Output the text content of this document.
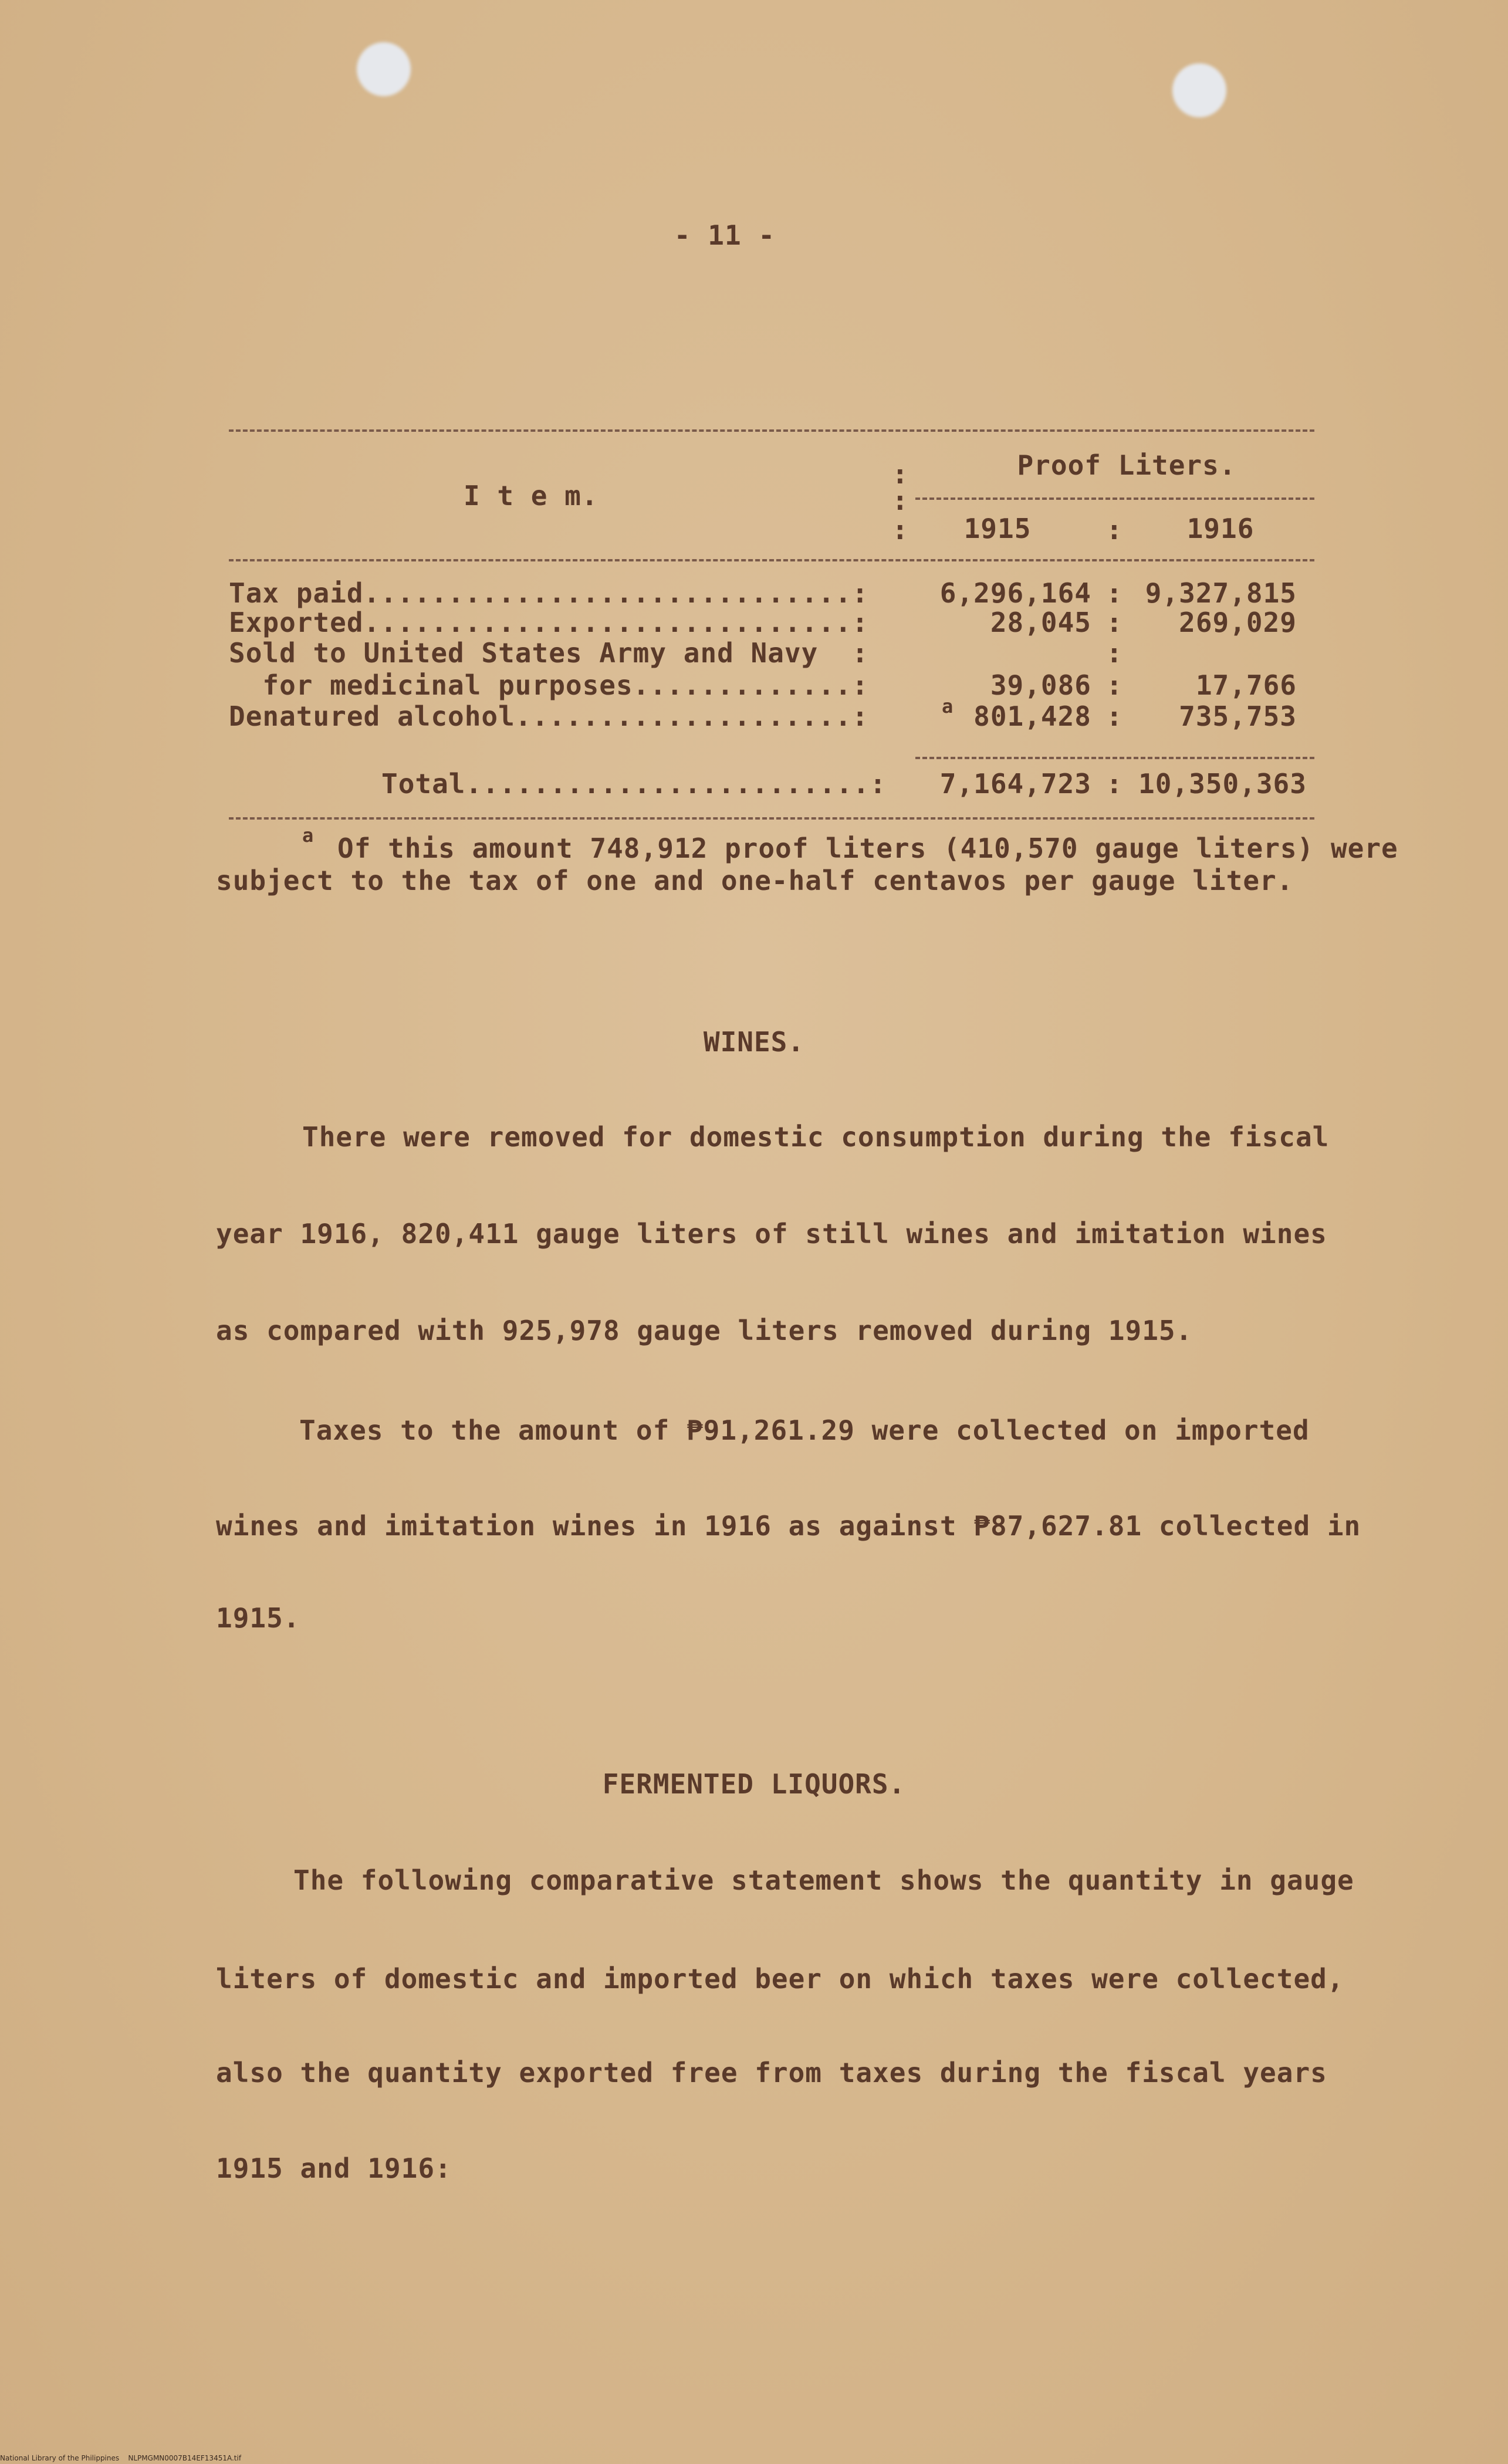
- 11 -
:	Proof Liters.
I t e m.	:
:	1915	:	1916
Tax paid.............................:	6,296,164 : 9,327,815
Exported.............................:	28,045 :	269,029
Sold to United States Army and Navy  :	:
for medicinal purposes.............:	39,086 :	17,766
Denatured alcohol....................:	a 801,428 :	735,753
Total........................: 7,164,723 : 10,350,363
a Of this amount 748,912 proof liters (410,570 gauge liters) were
subject to the tax of one and one-half centavos per gauge liter.
WINES.
There were removed for domestic consumption during the fiscal
year 1916, 820,411 gauge liters of still wines and imitation wines
as compared with 925,978 gauge liters removed during 1915.
Taxes to the amount of ₱91,261.29 were collected on imported
wines and imitation wines in 1916 as against ₱87,627.81 collected in
1915.
FERMENTED LIQUORS.
The following comparative statement shows the quantity in gauge
liters of domestic and imported beer on which taxes were collected,
also the quantity exported free from taxes during the fiscal years
1915 and 1916:
National Library of the Philippines    NLPMGMN0007B14EF13451A.tif
